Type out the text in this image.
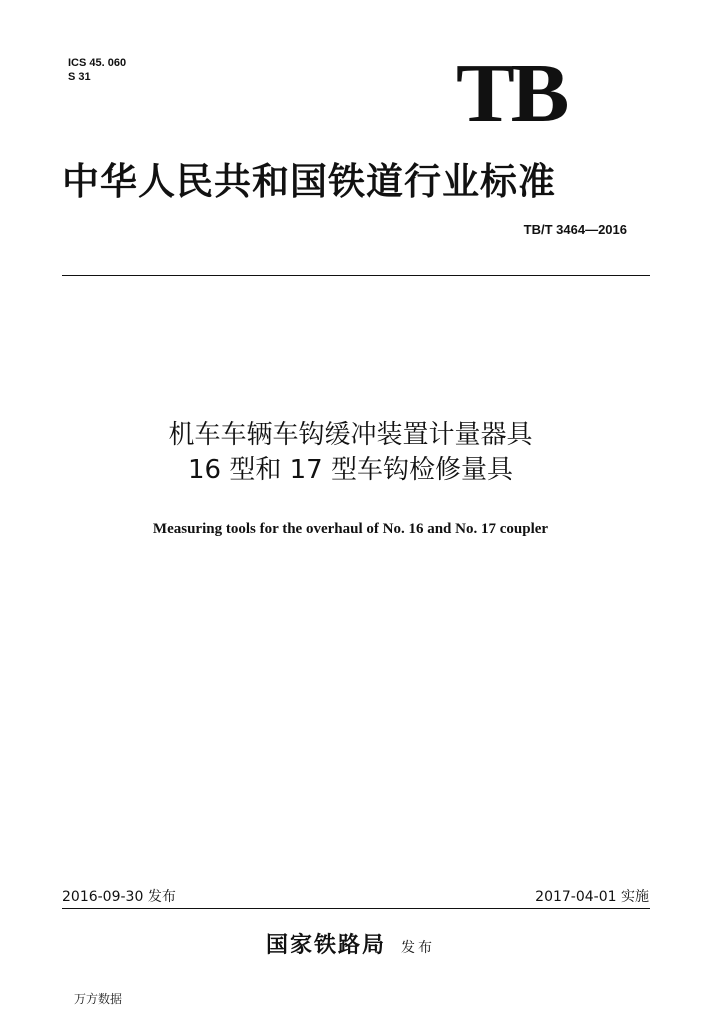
ICS 45. 060
S 31	TB
中华人民共和国铁道行业标准
TB/T 3464—2016
机车车辆车钩缓冲装置计量器具
16 型和 17 型车钩检修量具
Measuring tools for the overhaul of No. 16 and No. 17 coupler
2016-09-30 发布	2017-04-01 实施
国家铁路局 发布
万方数据
